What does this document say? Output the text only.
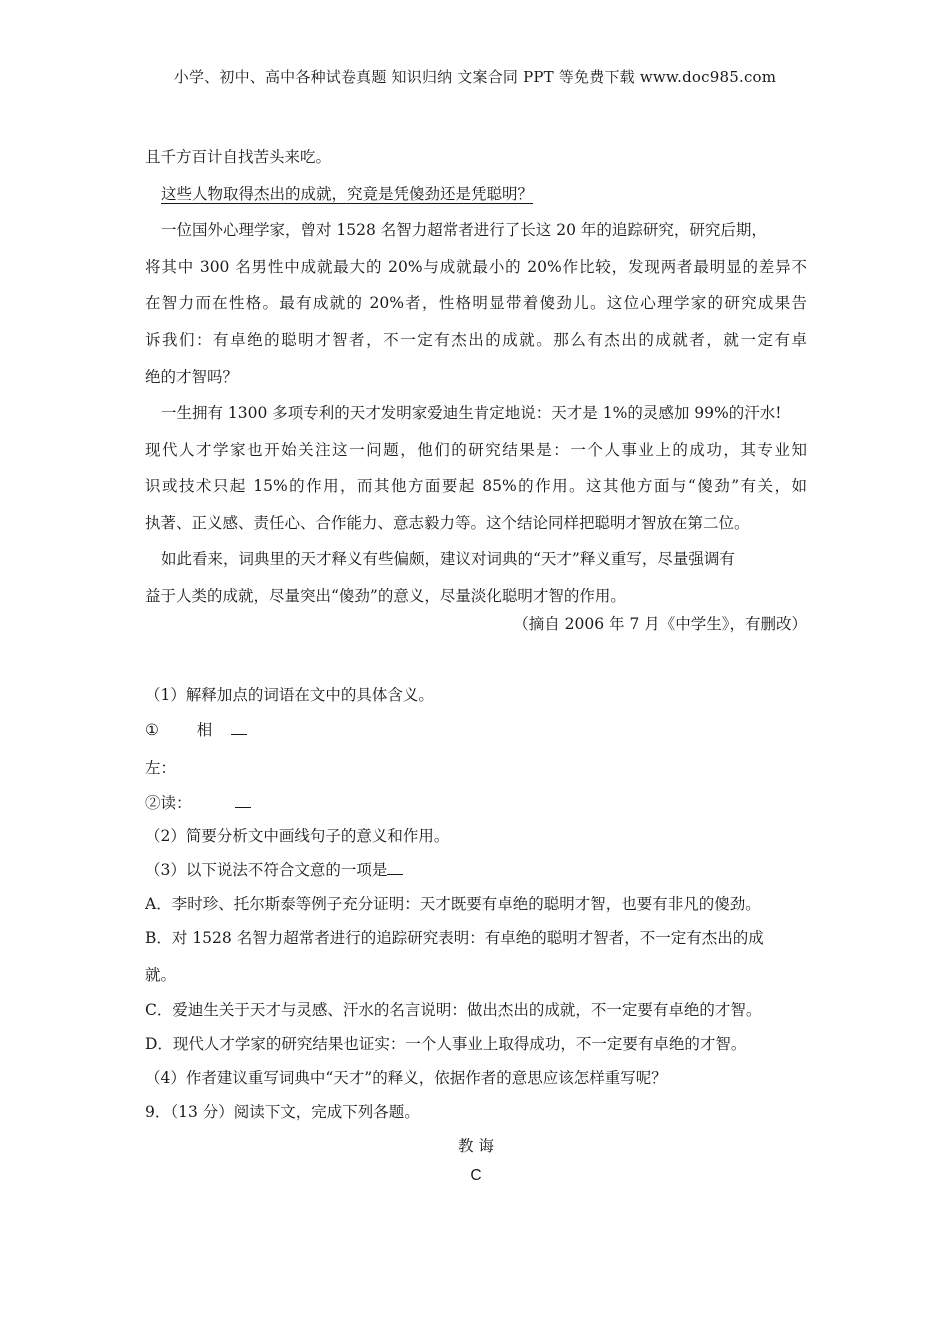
小学、初中、高中各种试卷真题 知识归纳 文案合同 PPT 等免费下载 www.doc985.com
且千方百计自找苦头来吃。
这些人物取得杰出的成就，究竟是凭傻劲还是凭聪明？
一位国外心理学家，曾对 1528 名智力超常者进行了长这 20 年的追踪研究，研究后期，
将其中 300 名男性中成就最大的 20%与成就最小的 20%作比较，发现两者最明显的差异不
在智力而在性格。最有成就的 20%者，性格明显带着傻劲儿。这位心理学家的研究成果告
诉我们：有卓绝的聪明才智者，不一定有杰出的成就。那么有杰出的成就者，就一定有卓
绝的才智吗？
一生拥有 1300 多项专利的天才发明家爱迪生肯定地说：天才是 1%的灵感加 99%的汗水!
现代人才学家也开始关注这一问题，他们的研究结果是：一个人事业上的成功，其专业知
识或技术只起 15%的作用，而其他方面要起 85%的作用。这其他方面与“傻劲”有关，如
执著、正义感、责任心、合作能力、意志毅力等。这个结论同样把聪明才智放在第二位。
如此看来，词典里的天才释义有些偏颇，建议对词典的“天才”释义重写，尽量强调有
益于人类的成就，尽量突出“傻劲”的意义，尽量淡化聪明才智的作用。
（摘自 2006 年 7 月《中学生》，有删改）
（1）解释加点的词语在文中的具体含义。
① 相
左：
②读：
（2）简要分析文中画线句子的意义和作用。
（3）以下说法不符合文意的一项是
A．李时珍、托尔斯泰等例子充分证明：天才既要有卓绝的聪明才智，也要有非凡的傻劲。
B．对 1528 名智力超常者进行的追踪研究表明：有卓绝的聪明才智者，不一定有杰出的成
就。
C．爱迪生关于天才与灵感、汗水的名言说明：做出杰出的成就，不一定要有卓绝的才智。
D．现代人才学家的研究结果也证实：一个人事业上取得成功，不一定要有卓绝的才智。
（4）作者建议重写词典中“天才”的释义，依据作者的意思应该怎样重写呢？
9．（13 分）阅读下文，完成下列各题。
教 诲
C
